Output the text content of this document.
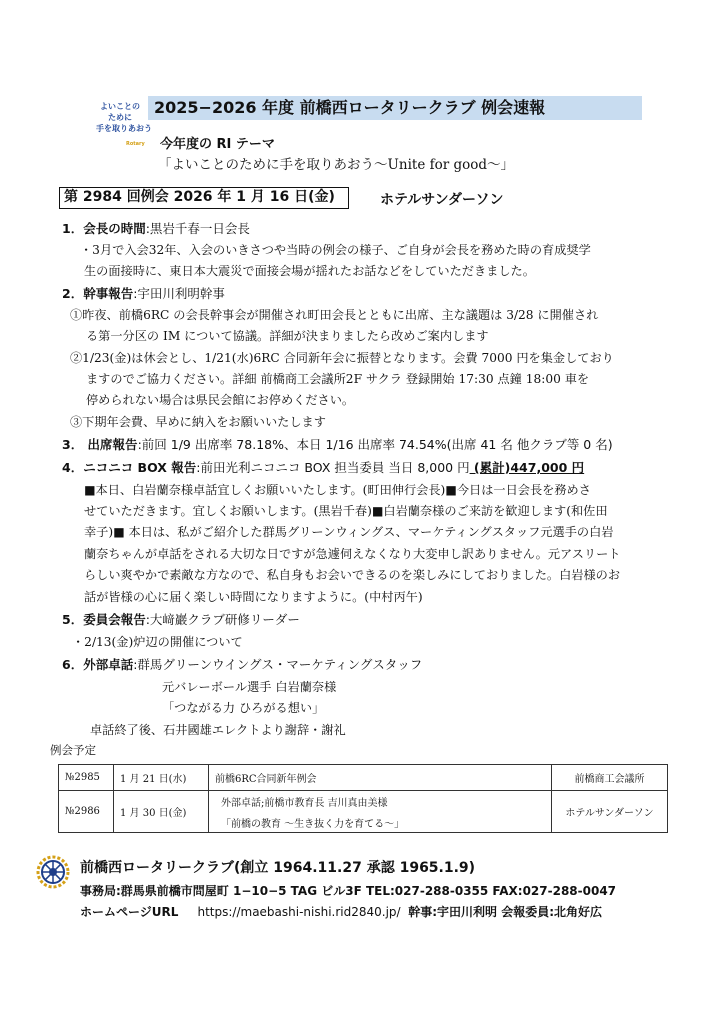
よいことの
ために
手を取りあおう
Rotary
2025−2026 年度 前橋西ロータリークラブ 例会速報
今年度の RI テーマ
「よいことのために手を取りあおう～Unite for good～」
第 2984 回例会 2026 年 1 月 16 日(金)	ホテルサンダーソン
1．会長の時間:黒岩千春一日会長
・3月で入会32年、入会のいきさつや当時の例会の様子、ご自身が会長を務めた時の育成奨学
生の面接時に、東日本大震災で面接会場が揺れたお話などをしていただきました。
2．幹事報告:宇田川利明幹事
①昨夜、前橋6RC の会長幹事会が開催され町田会長とともに出席、主な議題は 3/28 に開催され
る第一分区の IM について協議。詳細が決まりましたら改めご案内します
②1/23(金)は休会とし、1/21(水)6RC 合同新年会に振替となります。会費 7000 円を集金しており
ますのでご協力ください。詳細 前橋商工会議所2F サクラ 登録開始 17:30 点鐘 18:00 車を
停められない場合は県民会館にお停めください。
③下期年会費、早めに納入をお願いいたします
3． 出席報告:前回 1/9 出席率 78.18%、本日 1/16 出席率 74.54%(出席 41 名 他クラブ等 0 名)
4．ニコニコ BOX 報告:前田光利ニコニコ BOX 担当委員 当日 8,000 円 (累計)447,000 円
■本日、白岩蘭奈様卓話宜しくお願いいたします。(町田伸行会長)■今日は一日会長を務めさ
せていただきます。宜しくお願いします。(黒岩千春)■白岩蘭奈様のご来訪を歓迎します(和佐田
幸子)■ 本日は、私がご紹介した群馬グリーンウィングス、マーケティングスタッフ元選手の白岩
蘭奈ちゃんが卓話をされる大切な日ですが急遽伺えなくなり大変申し訳ありません。元アスリート
らしい爽やかで素敵な方なので、私自身もお会いできるのを楽しみにしておりました。白岩様のお
話が皆様の心に届く楽しい時間になりますように。(中村丙午)
5．委員会報告:大﨑巖クラブ研修リーダー
・2/13(金)炉辺の開催について
6．外部卓話:群馬グリーンウイングス・マーケティングスタッフ
元バレーボール選手 白岩蘭奈様
「つながる力 ひろがる想い」
卓話終了後、石井國雄エレクトより謝辞・謝礼
例会予定
№2985	1 月 21 日(水)	前橋6RC合同新年例会	前橋商工会議所
№2986	1 月 30 日(金)	外部卓話;前橋市教育長 吉川真由美様
「前橋の教育 ～生き抜く力を育てる～」	ホテルサンダーソン
前橋西ロータリークラブ(創立 1964.11.27 承認 1965.1.9)
事務局:群馬県前橋市問屋町 1−10−5 TAG ビル3F TEL:027-288-0355 FAX:027-288-0047
ホームページURL https://maebashi-nishi.rid2840.jp/ 幹事:宇田川利明 会報委員:北角好広
